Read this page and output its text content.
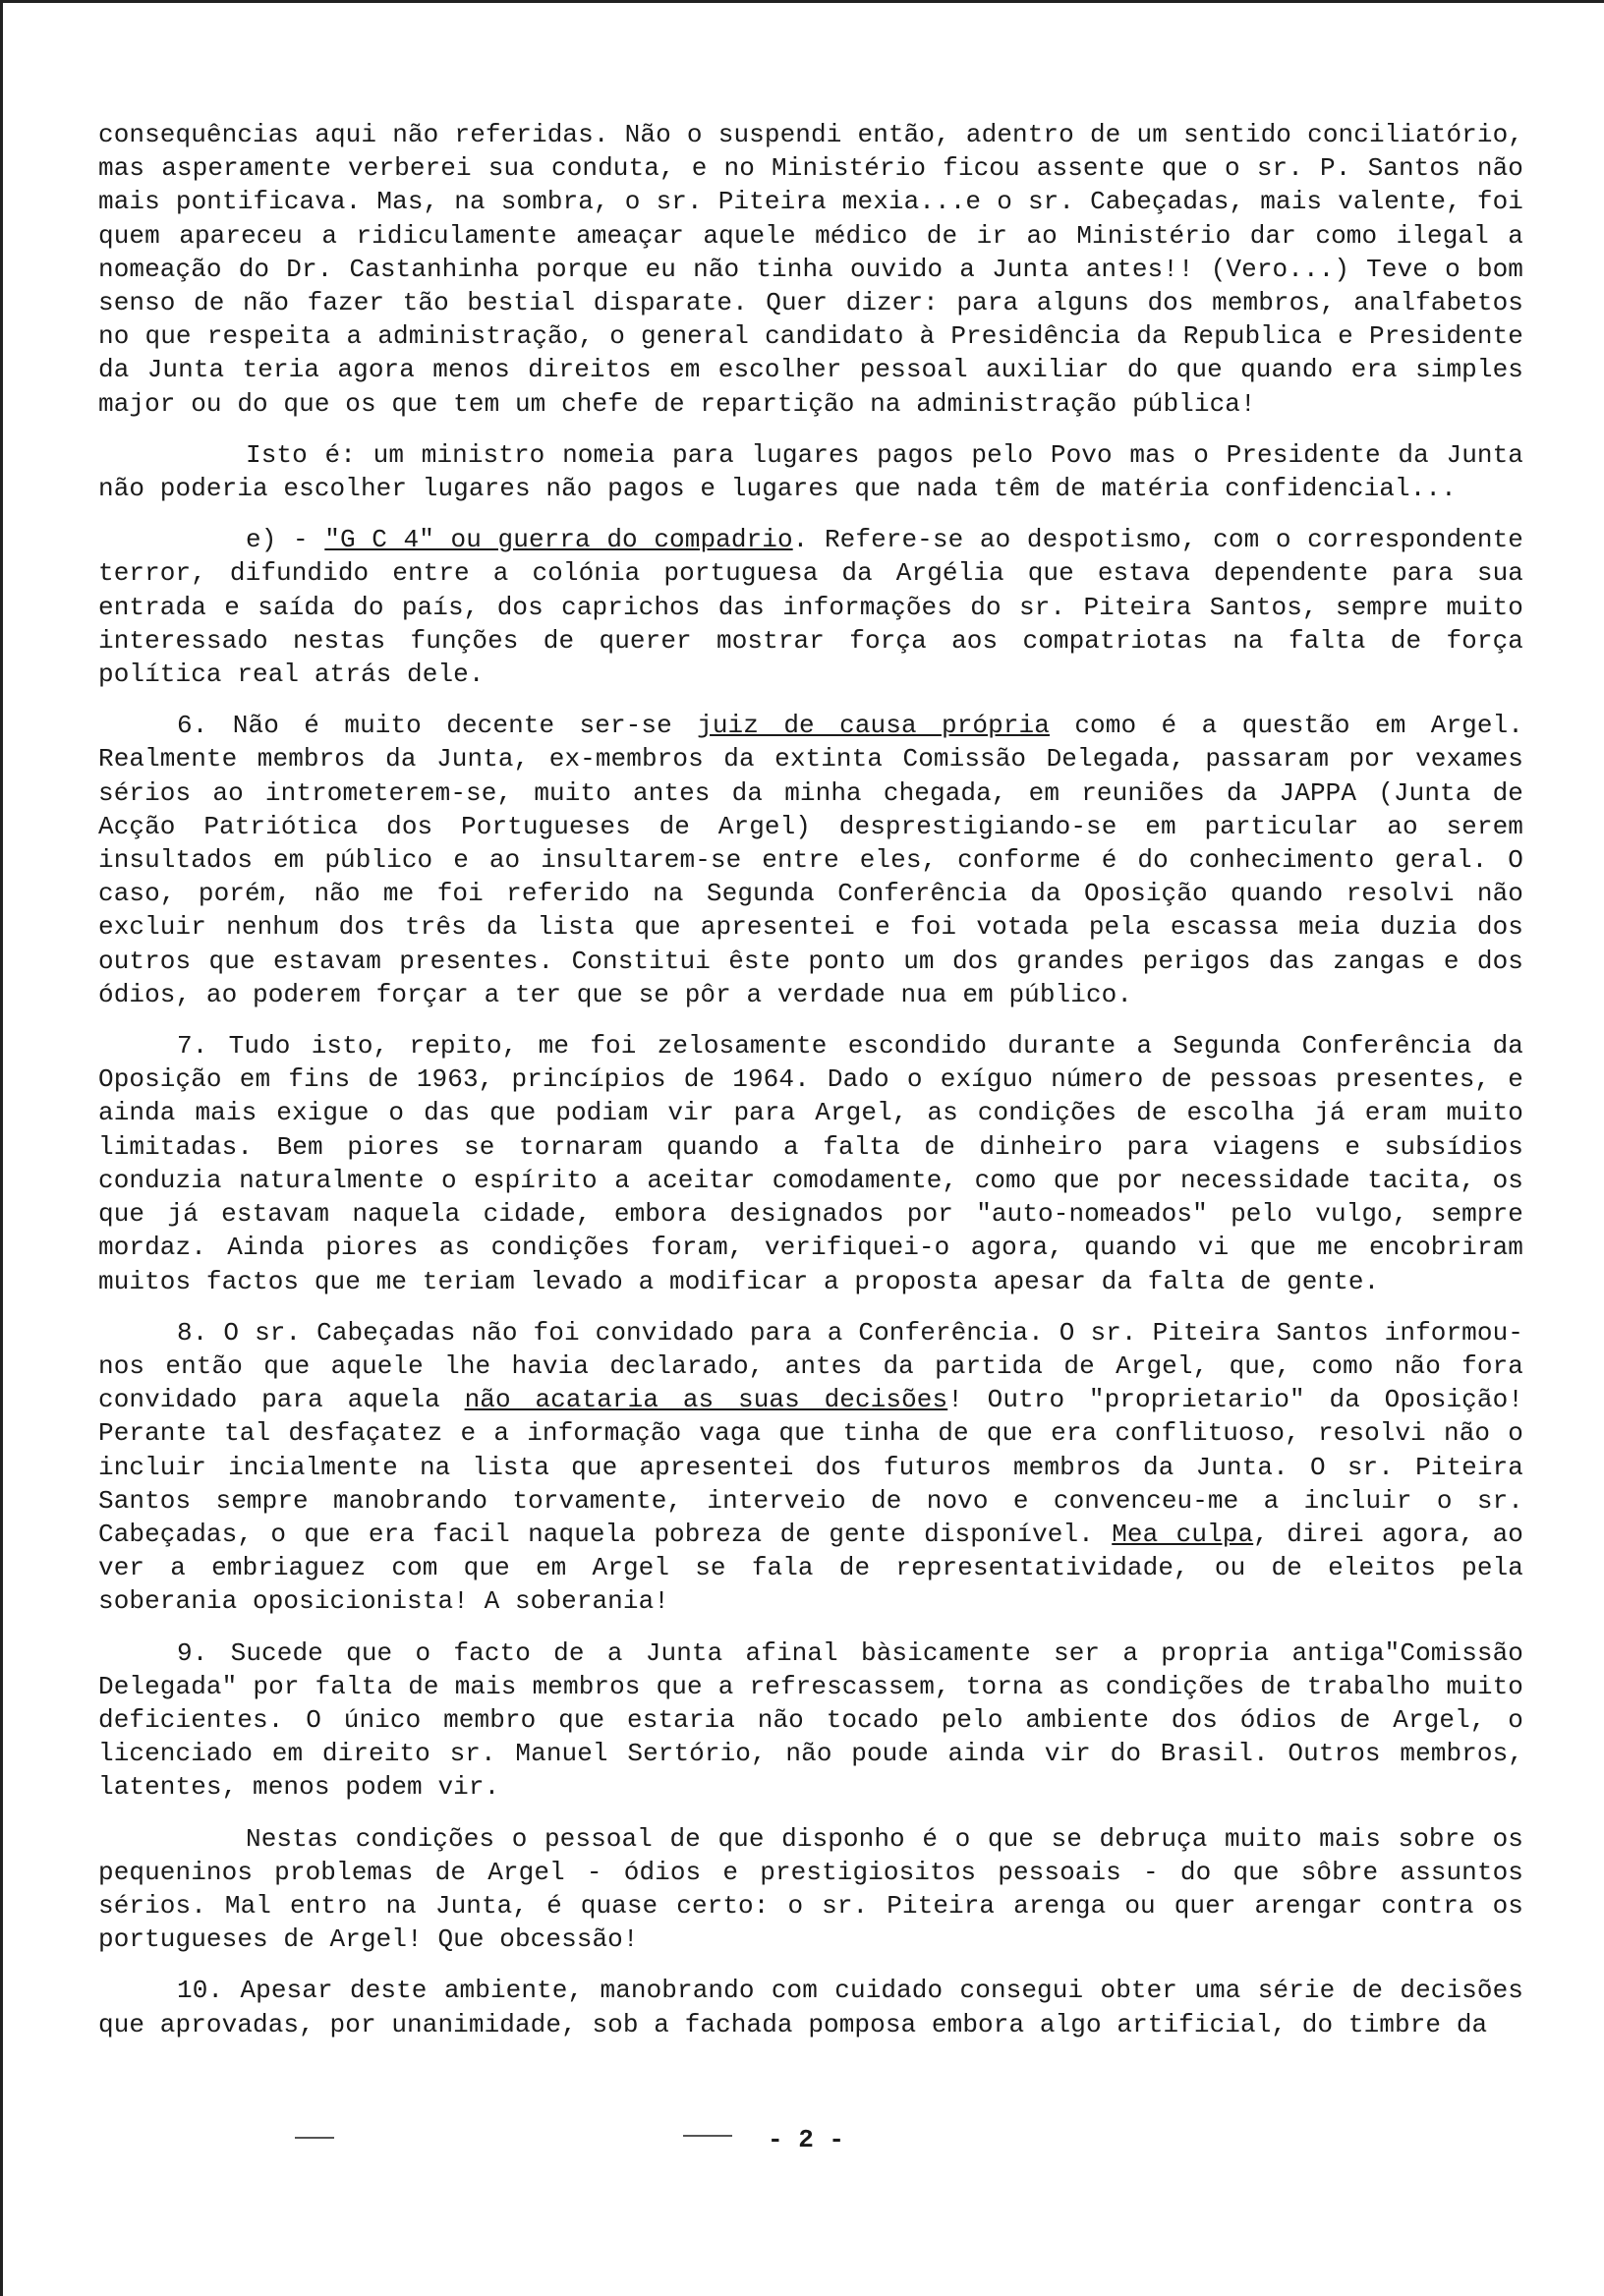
consequências aqui não referidas. Não o suspendi então, adentro de um sentido conciliatório, mas asperamente verberei sua conduta, e no Ministério ficou assente que o sr. P. Santos não mais pontificava. Mas, na sombra, o sr. Piteira mexia...e o sr. Cabeçadas, mais valente, foi quem apareceu a ridiculamente ameaçar aquele médico de ir ao Ministério dar como ilegal a nomeação do Dr. Castanhinha porque eu não tinha ouvido a Junta antes!! (Vero...) Teve o bom senso de não fazer tão bestial disparate. Quer dizer: para alguns dos membros, analfabetos no que respeita a administração, o general candidato à Presidência da Republica e Presidente da Junta teria agora menos direitos em escolher pessoal auxiliar do que quando era simples major ou do que os que tem um chefe de repartição na administração pública!

Isto é: um ministro nomeia para lugares pagos pelo Povo mas o Presidente da Junta não poderia escolher lugares não pagos e lugares que nada têm de matéria confidencial...

e) - "G C 4" ou guerra do compadrio. Refere-se ao despotismo, com o correspondente terror, difundido entre a colónia portuguesa da Argélia que estava dependente para sua entrada e saída do país, dos caprichos das informações do sr. Piteira Santos, sempre muito interessado nestas funções de querer mostrar força aos compatriotas na falta de força política real atrás dele.

6. Não é muito decente ser-se juiz de causa própria como é a questão em Argel. Realmente membros da Junta, ex-membros da extinta Comissão Delegada, passaram por vexames sérios ao intrometerem-se, muito antes da minha chegada, em reuniões da JAPPA (Junta de Acção Patriótica dos Portugueses de Argel) desprestigiando-se em particular ao serem insultados em público e ao insultarem-se entre eles, conforme é do conhecimento geral. O caso, porém, não me foi referido na Segunda Conferência da Oposição quando resolvi não excluir nenhum dos três da lista que apresentei e foi votada pela escassa meia duzia dos outros que estavam presentes. Constitui êste ponto um dos grandes perigos das zangas e dos ódios, ao poderem forçar a ter que se pôr a verdade nua em público.

7. Tudo isto, repito, me foi zelosamente escondido durante a Segunda Conferência da Oposição em fins de 1963, princípios de 1964. Dado o exíguo número de pessoas presentes, e ainda mais exigue o das que podiam vir para Argel, as condições de escolha já eram muito limitadas. Bem piores se tornaram quando a falta de dinheiro para viagens e subsídios conduzia naturalmente o espírito a aceitar comodamente, como que por necessidade tacita, os que já estavam naquela cidade, embora designados por "auto-nomeados" pelo vulgo, sempre mordaz. Ainda piores as condições foram, verifiquei-o agora, quando vi que me encobriram muitos factos que me teriam levado a modificar a proposta apesar da falta de gente.

8. O sr. Cabeçadas não foi convidado para a Conferência. O sr. Piteira Santos informou-nos então que aquele lhe havia declarado, antes da partida de Argel, que, como não fora convidado para aquela não acataria as suas decisões! Outro "proprietario" da Oposição! Perante tal desfaçatez e a informação vaga que tinha de que era conflituoso, resolvi não o incluir incialmente na lista que apresentei dos futuros membros da Junta. O sr. Piteira Santos sempre manobrando torvamente, interveio de novo e convenceu-me a incluir o sr. Cabeçadas, o que era facil naquela pobreza de gente disponível. Mea culpa, direi agora, ao ver a embriaguez com que em Argel se fala de representatividade, ou de eleitos pela soberania oposicionista! A soberania!

9. Sucede que o facto de a Junta afinal bàsicamente ser a propria antiga"Comissão Delegada" por falta de mais membros que a refrescassem, torna as condições de trabalho muito deficientes. O único membro que estaria não tocado pelo ambiente dos ódios de Argel, o licenciado em direito sr. Manuel Sertório, não poude ainda vir do Brasil. Outros membros, latentes, menos podem vir.

Nestas condições o pessoal de que disponho é o que se debruça muito mais sobre os pequeninos problemas de Argel - ódios e prestigiositos pessoais - do que sôbre assuntos sérios. Mal entro na Junta, é quase certo: o sr. Piteira arenga ou quer arengar contra os portugueses de Argel! Que obcessão!

10. Apesar deste ambiente, manobrando com cuidado consegui obter uma série de decisões que aprovadas, por unanimidade, sob a fachada pomposa embora algo artificial, do timbre da

- 2 -
